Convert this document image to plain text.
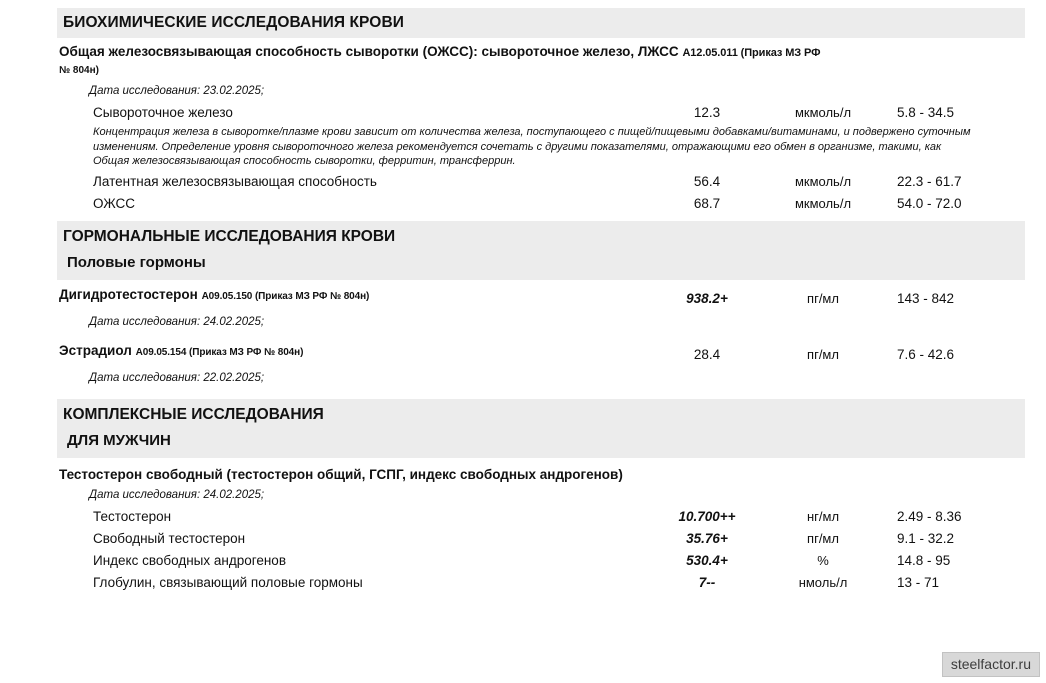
БИОХИМИЧЕСКИЕ ИССЛЕДОВАНИЯ КРОВИ
Общая железосвязывающая способность сыворотки (ОЖСС): сывороточное железо, ЛЖСС А12.05.011 (Приказ МЗ РФ
№ 804н)
Дата исследования: 23.02.2025;
Сывороточное железо	12.3	мкмоль/л	5.8 - 34.5
Концентрация железа в сыворотке/плазме крови зависит от количества железа, поступающего с пищей/пищевыми добавками/витаминами, и подвержено суточным изменениям. Определение уровня сывороточного железа рекомендуется сочетать с другими показателями, отражающими его обмен в организме, такими, как Общая железосвязывающая способность сыворотки, ферритин, трансферрин.
Латентная железосвязывающая способность	56.4	мкмоль/л	22.3 - 61.7
ОЖСС	68.7	мкмоль/л	54.0 - 72.0
ГОРМОНАЛЬНЫЕ ИССЛЕДОВАНИЯ КРОВИ
Половые гормоны
Дигидротестостерон А09.05.150 (Приказ МЗ РФ № 804н)	938.2+	пг/мл	143 - 842
Дата исследования: 24.02.2025;
Эстрадиол А09.05.154 (Приказ МЗ РФ № 804н)	28.4	пг/мл	7.6 - 42.6
Дата исследования: 22.02.2025;
КОМПЛЕКСНЫЕ ИССЛЕДОВАНИЯ
ДЛЯ МУЖЧИН
Тестостерон свободный (тестостерон общий, ГСПГ, индекс свободных андрогенов)
Дата исследования: 24.02.2025;
Тестостерон	10.700++	нг/мл	2.49 - 8.36
Свободный тестостерон	35.76+	пг/мл	9.1 - 32.2
Индекс свободных андрогенов	530.4+	%	14.8 - 95
Глобулин, связывающий половые гормоны	7--	нмоль/л	13 - 71
steelfactor.ru
